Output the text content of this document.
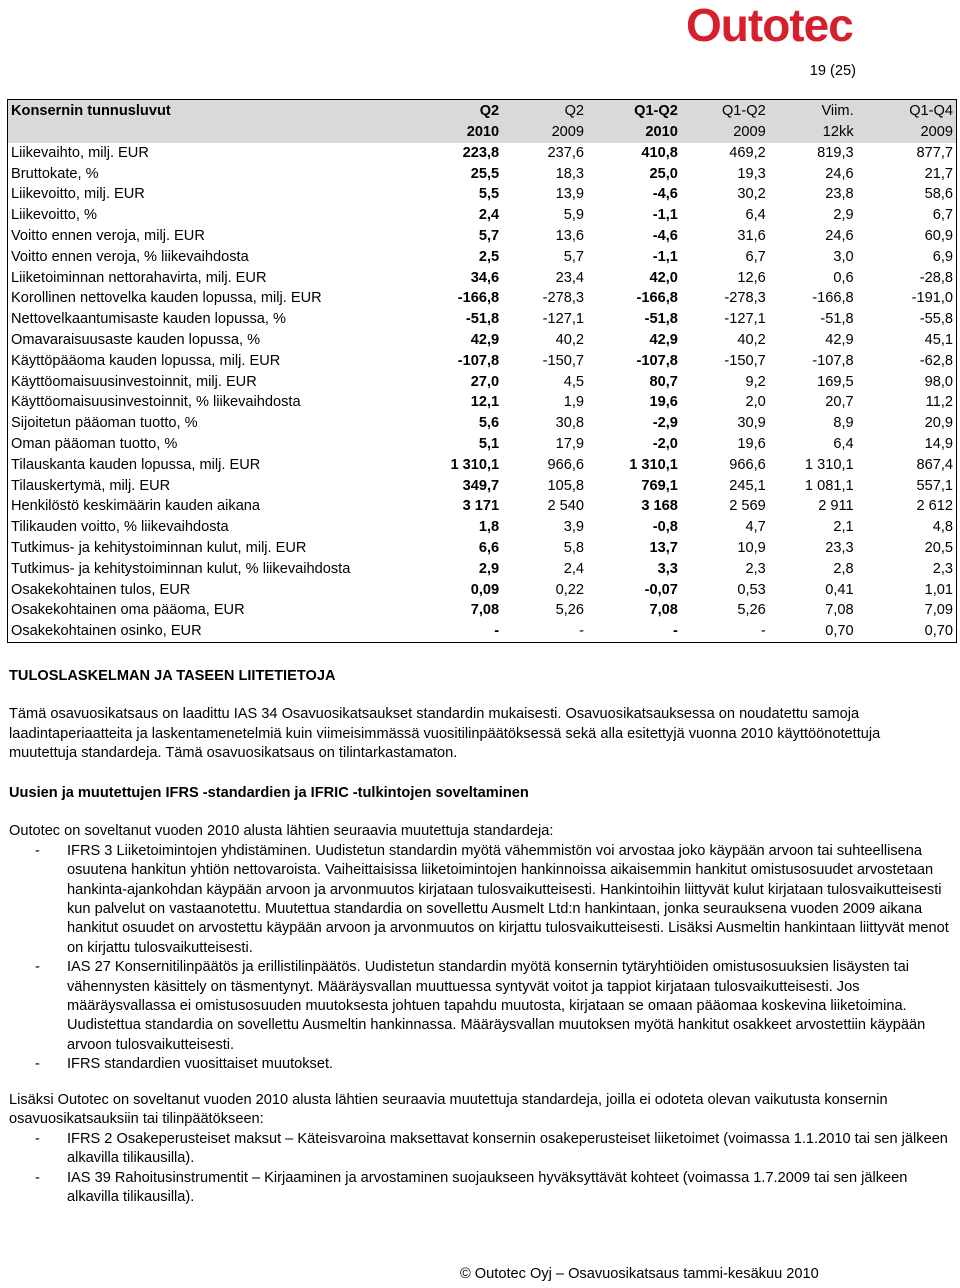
Outotec
19 (25)
Konsernin tunnusluvut	Q2	Q2	Q1-Q2	Q1-Q2	Viim.	Q1-Q4
	2010	2009	2010	2009	12kk	2009
Liikevaihto, milj. EUR	223,8	237,6	410,8	469,2	819,3	877,7
Bruttokate, %	25,5	18,3	25,0	19,3	24,6	21,7
Liikevoitto, milj. EUR	5,5	13,9	-4,6	30,2	23,8	58,6
Liikevoitto, %	2,4	5,9	-1,1	6,4	2,9	6,7
Voitto ennen veroja, milj. EUR	5,7	13,6	-4,6	31,6	24,6	60,9
Voitto ennen veroja, % liikevaihdosta	2,5	5,7	-1,1	6,7	3,0	6,9
Liiketoiminnan nettorahavirta, milj. EUR	34,6	23,4	42,0	12,6	0,6	-28,8
Korollinen nettovelka kauden lopussa, milj. EUR	-166,8	-278,3	-166,8	-278,3	-166,8	-191,0
Nettovelkaantumisaste kauden lopussa, %	-51,8	-127,1	-51,8	-127,1	-51,8	-55,8
Omavaraisuusaste kauden lopussa, %	42,9	40,2	42,9	40,2	42,9	45,1
Käyttöpääoma kauden lopussa, milj. EUR	-107,8	-150,7	-107,8	-150,7	-107,8	-62,8
Käyttöomaisuusinvestoinnit, milj. EUR	27,0	4,5	80,7	9,2	169,5	98,0
Käyttöomaisuusinvestoinnit, % liikevaihdosta	12,1	1,9	19,6	2,0	20,7	11,2
Sijoitetun pääoman tuotto, %	5,6	30,8	-2,9	30,9	8,9	20,9
Oman pääoman tuotto, %	5,1	17,9	-2,0	19,6	6,4	14,9
Tilauskanta kauden lopussa, milj. EUR	1 310,1	966,6	1 310,1	966,6	1 310,1	867,4
Tilauskertymä, milj. EUR	349,7	105,8	769,1	245,1	1 081,1	557,1
Henkilöstö keskimäärin kauden aikana	3 171	2 540	3 168	2 569	2 911	2 612
Tilikauden voitto, % liikevaihdosta	1,8	3,9	-0,8	4,7	2,1	4,8
Tutkimus- ja kehitystoiminnan kulut, milj. EUR	6,6	5,8	13,7	10,9	23,3	20,5
Tutkimus- ja kehitystoiminnan kulut, % liikevaihdosta	2,9	2,4	3,3	2,3	2,8	2,3
Osakekohtainen tulos, EUR	0,09	0,22	-0,07	0,53	0,41	1,01
Osakekohtainen oma pääoma, EUR	7,08	5,26	7,08	5,26	7,08	7,09
Osakekohtainen osinko, EUR	-	-	-	-	0,70	0,70
TULOSLASKELMAN JA TASEEN LIITETIETOJA
Tämä osavuosikatsaus on laadittu IAS 34 Osavuosikatsaukset standardin mukaisesti. Osavuosikatsauksessa on noudatettu samoja laadintaperiaatteita ja laskentamenetelmiä kuin viimeisimmässä vuositilinpäätöksessä sekä alla esitettyjä vuonna 2010 käyttöönotettuja muutettuja standardeja. Tämä osavuosikatsaus on tilintarkastamaton.
Uusien ja muutettujen IFRS -standardien ja IFRIC -tulkintojen soveltaminen
Outotec on soveltanut vuoden 2010 alusta lähtien seuraavia muutettuja standardeja:
- IFRS 3 Liiketoimintojen yhdistäminen. Uudistetun standardin myötä vähemmistön voi arvostaa joko käypään arvoon tai suhteellisena osuutena hankitun yhtiön nettovaroista. Vaiheittaisissa liiketoimintojen hankinnoissa aikaisemmin hankitut omistusosuudet arvostetaan hankinta-ajankohdan käypään arvoon ja arvonmuutos kirjataan tulosvaikutteisesti. Hankintoihin liittyvät kulut kirjataan tulosvaikutteisesti kun palvelut on vastaanotettu. Muutettua standardia on sovellettu Ausmelt Ltd:n hankintaan, jonka seurauksena vuoden 2009 aikana hankitut osuudet on arvostettu käypään arvoon ja arvonmuutos on kirjattu tulosvaikutteisesti. Lisäksi Ausmeltin hankintaan liittyvät menot on kirjattu tulosvaikutteisesti.
- IAS 27 Konsernitilinpäätös ja erillistilinpäätös. Uudistetun standardin myötä konsernin tytäryhtiöiden omistusosuuksien lisäysten tai vähennysten käsittely on täsmentynyt. Määräysvallan muuttuessa syntyvät voitot ja tappiot kirjataan tulosvaikutteisesti. Jos määräysvallassa ei omistusosuuden muutoksesta johtuen tapahdu muutosta, kirjataan se omaan pääomaa koskevina liiketoimina. Uudistettua standardia on sovellettu Ausmeltin hankinnassa. Määräysvallan muutoksen myötä hankitut osakkeet arvostettiin käypään arvoon tulosvaikutteisesti.
- IFRS standardien vuosittaiset muutokset.
Lisäksi Outotec on soveltanut vuoden 2010 alusta lähtien seuraavia muutettuja standardeja, joilla ei odoteta olevan vaikutusta konsernin osavuosikatsauksiin tai tilinpäätökseen:
- IFRS 2 Osakeperusteiset maksut – Käteisvaroina maksettavat konsernin osakeperusteiset liiketoimet (voimassa 1.1.2010 tai sen jälkeen alkavilla tilikausilla).
- IAS 39 Rahoitusinstrumentit – Kirjaaminen ja arvostaminen suojaukseen hyväksyttävät kohteet (voimassa 1.7.2009 tai sen jälkeen alkavilla tilikausilla).
© Outotec Oyj – Osavuosikatsaus tammi-kesäkuu 2010
